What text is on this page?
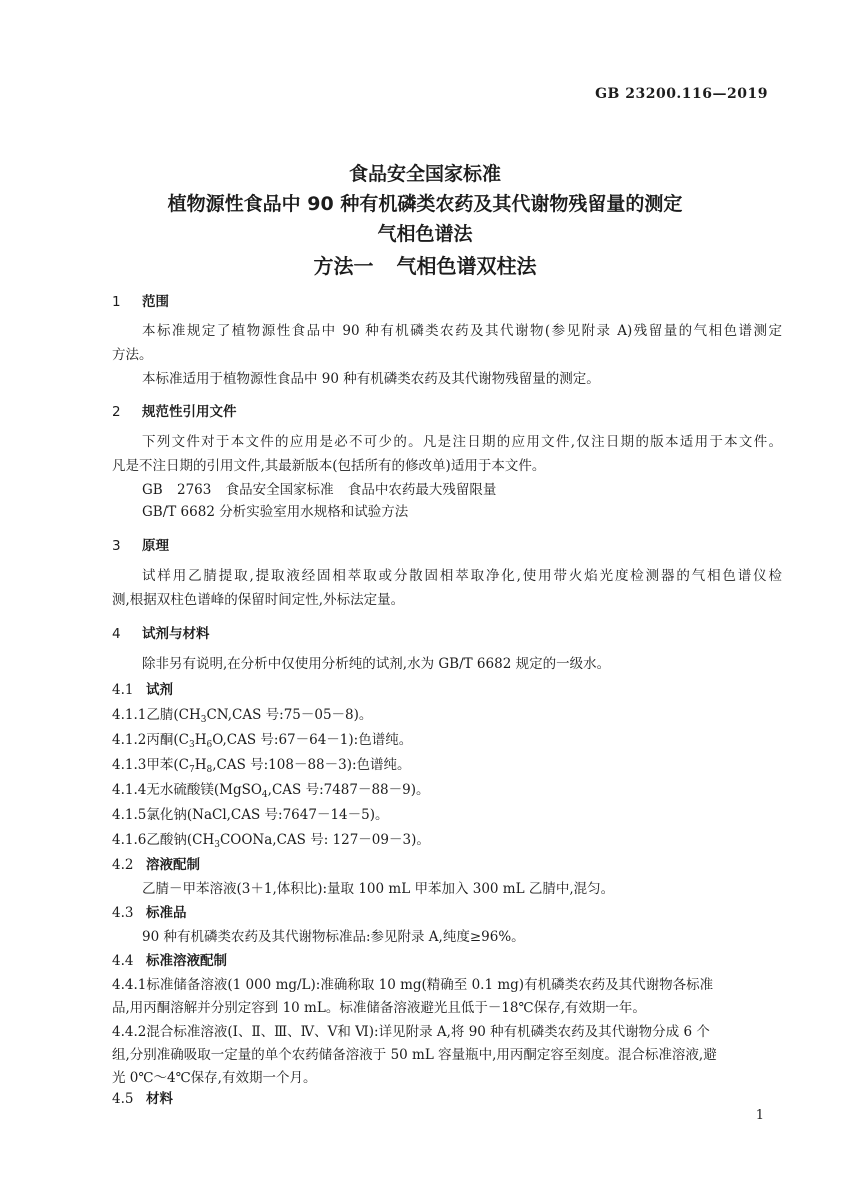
GB 23200.116—2019
食品安全国家标准
植物源性食品中 90 种有机磷类农药及其代谢物残留量的测定
气相色谱法
方法一 气相色谱双柱法
1 范围
本标准规定了植物源性食品中 90 种有机磷类农药及其代谢物(参见附录 A)残留量的气相色谱测定
方法。
本标准适用于植物源性食品中 90 种有机磷类农药及其代谢物残留量的测定。
2 规范性引用文件
下列文件对于本文件的应用是必不可少的。凡是注日期的应用文件,仅注日期的版本适用于本文件。
凡是不注日期的引用文件,其最新版本(包括所有的修改单)适用于本文件。
GB 2763 食品安全国家标准 食品中农药最大残留限量
GB/T 6682 分析实验室用水规格和试验方法
3 原理
试样用乙腈提取,提取液经固相萃取或分散固相萃取净化,使用带火焰光度检测器的气相色谱仪检
测,根据双柱色谱峰的保留时间定性,外标法定量。
4 试剂与材料
除非另有说明,在分析中仅使用分析纯的试剂,水为 GB/T 6682 规定的一级水。
4.1 试剂
4.1.1乙腈($CH_3CN,CAS$ 号:75－05－8)。
4.1.2丙酮($C_3H_6O,CAS$ 号:67－64－1):色谱纯。
4.1.3甲苯($C_7H_8,CAS$ 号:108－88－3):色谱纯。
4.1.4无水硫酸镁(MgSO$_4$,CAS 号:7487－88－9)。
4.1.5氯化钠(NaCl,CAS 号:7647－14－5)。
4.1.6乙酸钠($CH_3COONa,CAS$ 号: 127－09－3)。
4.2 溶液配制
乙腈－甲苯溶液(3＋1,体积比):量取 100 mL 甲苯加入 300 mL 乙腈中,混匀。
4.3 标准品
90 种有机磷类农药及其代谢物标准品:参见附录 A,纯度≥96%。
4.4 标准溶液配制
4.4.1标准储备溶液(1 000 mg/L):准确称取 10 mg(精确至 0.1 mg)有机磷类农药及其代谢物各标准
品,用丙酮溶解并分别定容到 10 mL。标准储备溶液避光且低于－18℃保存,有效期一年。
4.4.2混合标准溶液(Ⅰ、Ⅱ、Ⅲ、Ⅳ、Ⅴ和 Ⅵ):详见附录 A,将 90 种有机磷类农药及其代谢物分成 6 个
组,分别准确吸取一定量的单个农药储备溶液于 50 mL 容量瓶中,用丙酮定容至刻度。混合标准溶液,避
光 0℃～4℃保存,有效期一个月。
4.5 材料
1
